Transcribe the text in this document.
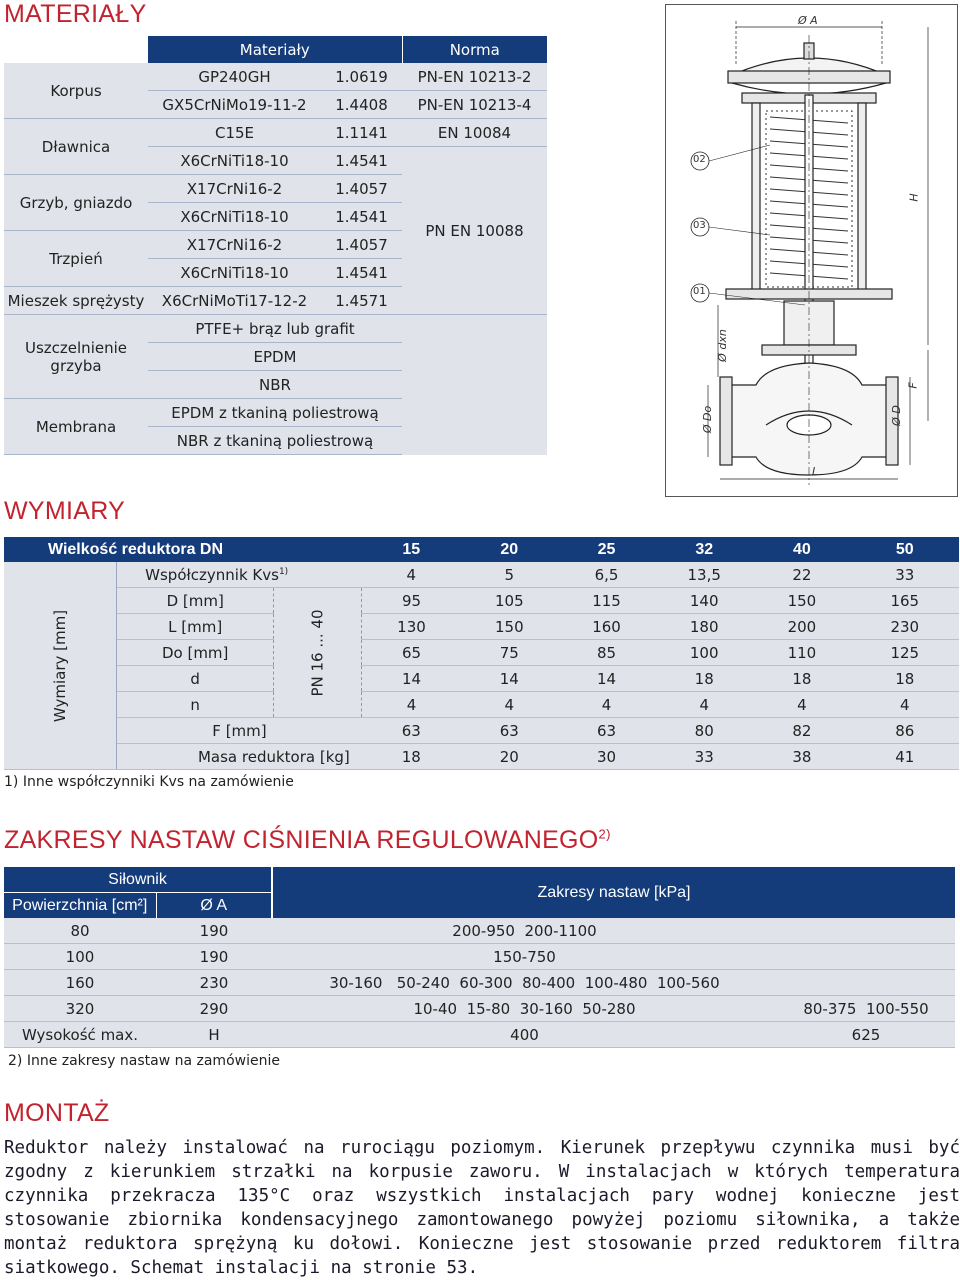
MATERIAŁY
	Materiały		Norma
Korpus	GP240GH	1.0619	PN-EN 10213-2
	GX5CrNiMo19-11-2	1.4408	PN-EN 10213-4
Dławnica	C15E	1.1141	EN 10084
	X6CrNiTi18-10	1.4541	PN EN 10088
Grzyb, gniazdo	X17CrNi16-2	1.4057	
	X6CrNiTi18-10	1.4541	
Trzpień	X17CrNi16-2	1.4057	
	X6CrNiTi18-10	1.4541	
Mieszek sprężysty	X6CrNiMoTi17-12-2	1.4571	
Uszczelnienie grzyba	PTFE+ brąz lub grafit		
	EPDM		
	NBR		
Membrana	EPDM z tkaniną poliestrową		
	NBR z tkaniną poliestrową		
Ø A
H
F
Ø D
Ø Do
Ø dxn
L
02
03
01
WYMIARY
Wielkość reduktora DN			15	20	25	32	40	50
Wymiary [mm]	Współczynnik Kvs$^{1)}$		4	5	6,5	13,5	22	33
	D [mm]	PN 16 ... 40	95	105	115	140	150	165
	L [mm]		130	150	160	180	200	230
	Do [mm]		65	75	85	100	110	125
	d		14	14	14	18	18	18
	n		4	4	4	4	4	4
	F [mm]		63	63	63	80	82	86
	Masa reduktora [kg]		18	20	30	33	38	41

1) Inne współczynniki Kvs na zamówienie

ZAKRESY NASTAW CIŚNIENIA REGULOWANEGO$^{2)}$
Siłownik		Zakresy nastaw [kPa]	
Powierzchnia [cm²]	Ø A		
80	190	200-950  200-1100	
100	190	150-750	
160	230	30-160   50-240  60-300  80-400  100-480  100-560	
320	290	10-40  15-80  30-160  50-280	80-375  100-550
Wysokość max.	H	400	625

2) Inne zakresy nastaw na zamówienie

MONTAŻ

Reduktor należy instalować na rurociągu poziomym. Kierunek przepływu czynnika musi być zgodny z kierunkiem strzałki na korpusie zaworu. W instalacjach w których temperatura czynnika przekracza 135°C oraz wszystkich instalacjach pary wodnej konieczne jest stosowanie zbiornika kondensacyjnego zamontowanego powyżej poziomu siłownika, a także montaż reduktora sprężyną ku dołowi. Konieczne jest stosowanie przed reduktorem filtra siatkowego. Schemat instalacji na stronie 53.
